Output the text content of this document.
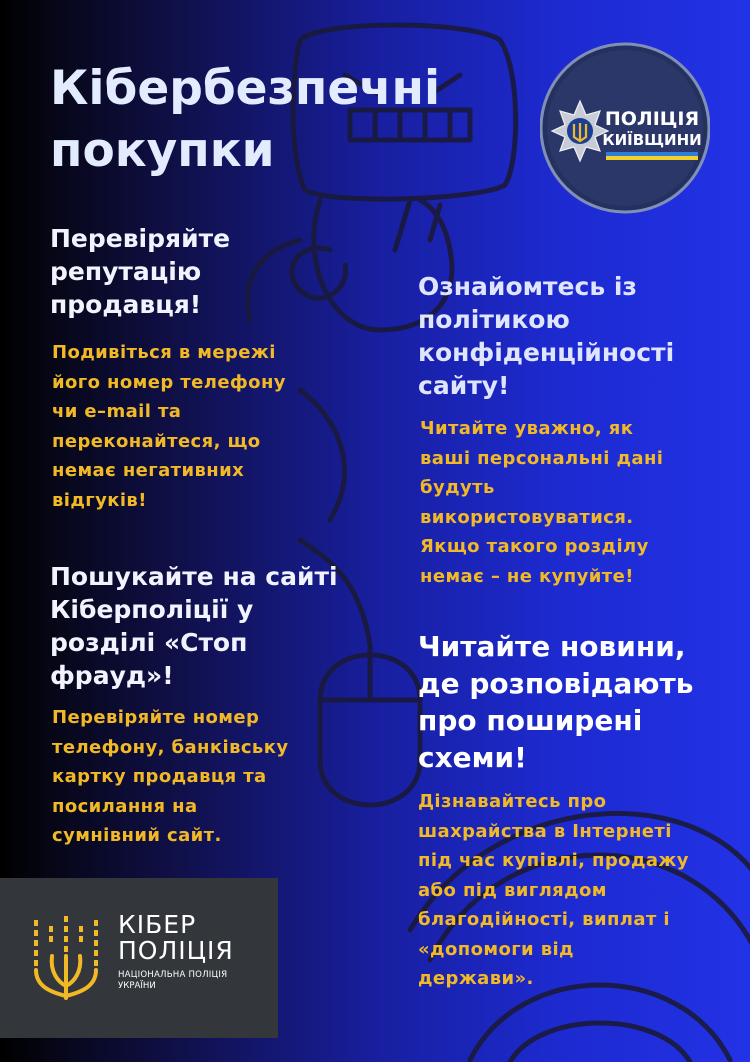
Кібербезпечні
покупки
ПОЛІЦІЯ
КИЇВЩИНИ

Перевіряйте
репутацію
продавця!

Подивіться в мережі
його номер телефону
чи e–mail та
переконайтеся, що
немає негативних
відгуків!

Ознайомтесь із
політикою
конфіденційності
сайту!

Читайте уважно, як
ваші персональні дані
будуть
використовуватися.
Якщо такого розділу
немає – не купуйте!

Пошукайте на сайті
Кіберполіції у
розділі «Стоп
фрауд»!

Перевіряйте номер
телефону, банківську
картку продавця та
посилання на
сумнівний сайт.

Читайте новини,
де розповідають
про поширені
схеми!

Дізнавайтесь про
шахрайства в Інтернеті
під час купівлі, продажу
або під виглядом
благодійності, виплат і
«допомоги від
держави».

КІБЕР
ПОЛІЦІЯ
НАЦІОНАЛЬНА ПОЛІЦІЯ
УКРАЇНИ
